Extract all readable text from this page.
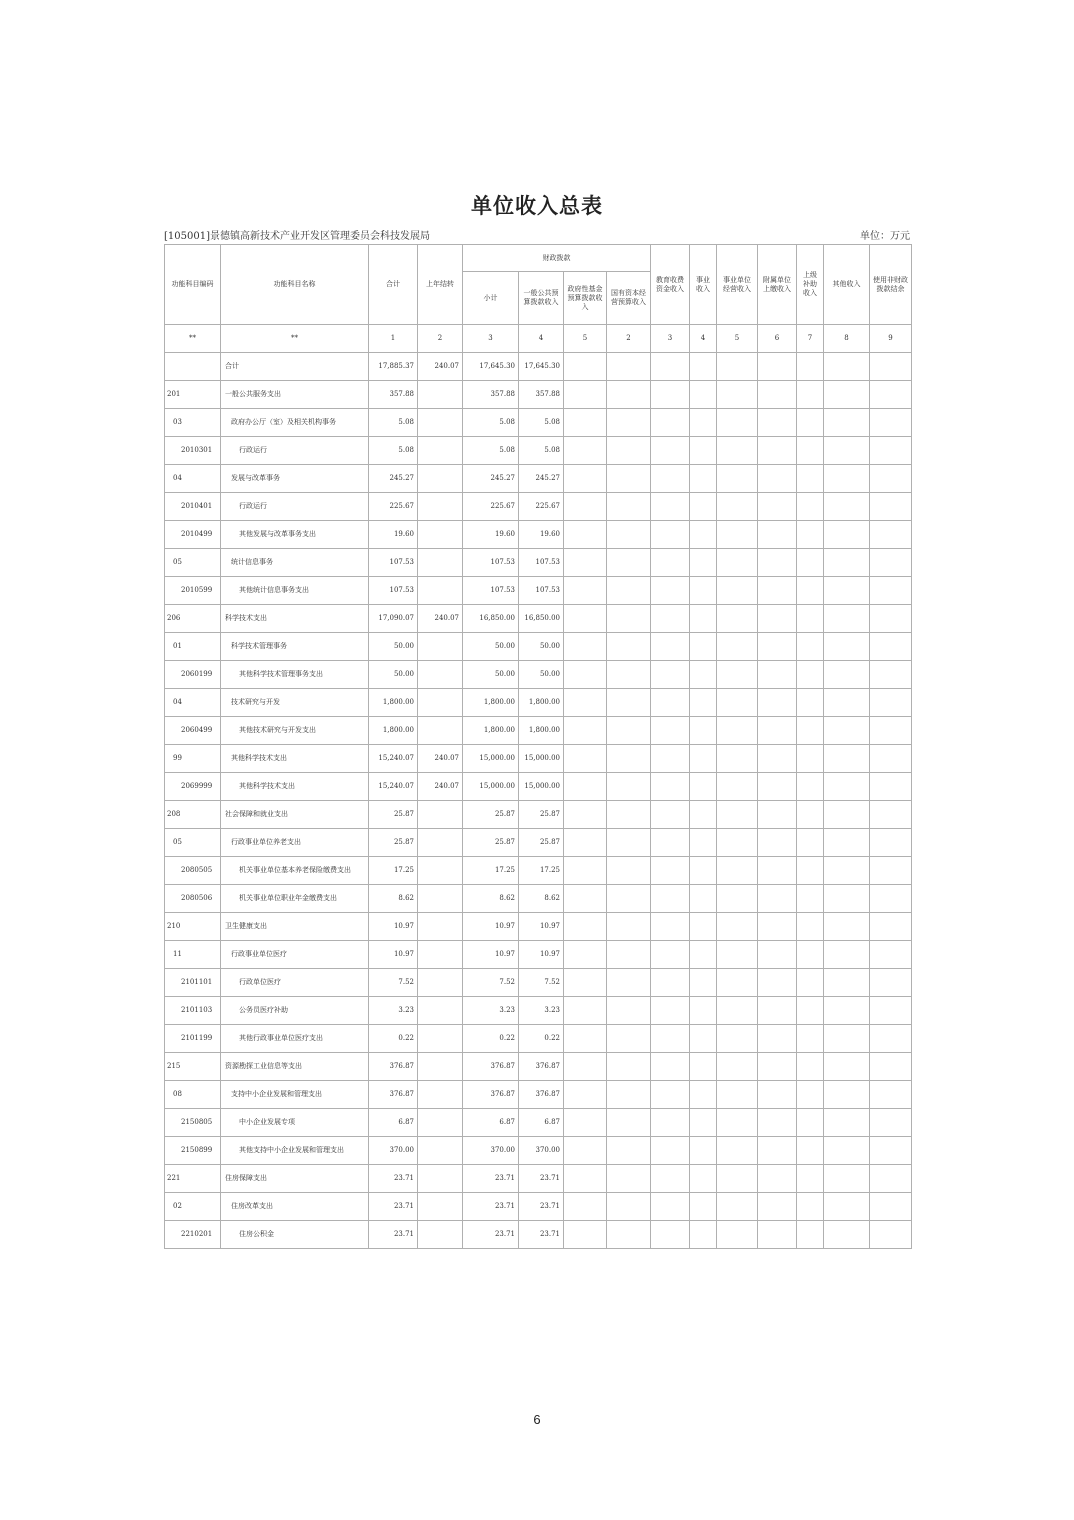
单位收入总表
[105001]景德镇高新技术产业开发区管理委员会科技发展局	单位：万元
功能科目编码	功能科目名称	合计	上年结转	财政拨款				教育收费资金收入	事业收入	事业单位经营收入	附属单位上缴收入	上级补助收入	其他收入	使用非财政拨款结余
				小计	一般公共预算拨款收入	政府性基金预算拨款收入	国有资本经营预算收入							
**	**	1	2	3	4	5	2	3	4	5	6	7	8	9
	合计	17,885.37	240.07	17,645.30	17,645.30									
201	一般公共服务支出	357.88		357.88	357.88									
03	政府办公厅（室）及相关机构事务	5.08		5.08	5.08									
2010301	行政运行	5.08		5.08	5.08									
04	发展与改革事务	245.27		245.27	245.27									
2010401	行政运行	225.67		225.67	225.67									
2010499	其他发展与改革事务支出	19.60		19.60	19.60									
05	统计信息事务	107.53		107.53	107.53									
2010599	其他统计信息事务支出	107.53		107.53	107.53									
206	科学技术支出	17,090.07	240.07	16,850.00	16,850.00									
01	科学技术管理事务	50.00		50.00	50.00									
2060199	其他科学技术管理事务支出	50.00		50.00	50.00									
04	技术研究与开发	1,800.00		1,800.00	1,800.00									
2060499	其他技术研究与开发支出	1,800.00		1,800.00	1,800.00									
99	其他科学技术支出	15,240.07	240.07	15,000.00	15,000.00									
2069999	其他科学技术支出	15,240.07	240.07	15,000.00	15,000.00									
208	社会保障和就业支出	25.87		25.87	25.87									
05	行政事业单位养老支出	25.87		25.87	25.87									
2080505	机关事业单位基本养老保险缴费支出	17.25		17.25	17.25									
2080506	机关事业单位职业年金缴费支出	8.62		8.62	8.62									
210	卫生健康支出	10.97		10.97	10.97									
11	行政事业单位医疗	10.97		10.97	10.97									
2101101	行政单位医疗	7.52		7.52	7.52									
2101103	公务员医疗补助	3.23		3.23	3.23									
2101199	其他行政事业单位医疗支出	0.22		0.22	0.22									
215	资源勘探工业信息等支出	376.87		376.87	376.87									
08	支持中小企业发展和管理支出	376.87		376.87	376.87									
2150805	中小企业发展专项	6.87		6.87	6.87									
2150899	其他支持中小企业发展和管理支出	370.00		370.00	370.00									
221	住房保障支出	23.71		23.71	23.71									
02	住房改革支出	23.71		23.71	23.71									
2210201	住房公积金	23.71		23.71	23.71									
6
